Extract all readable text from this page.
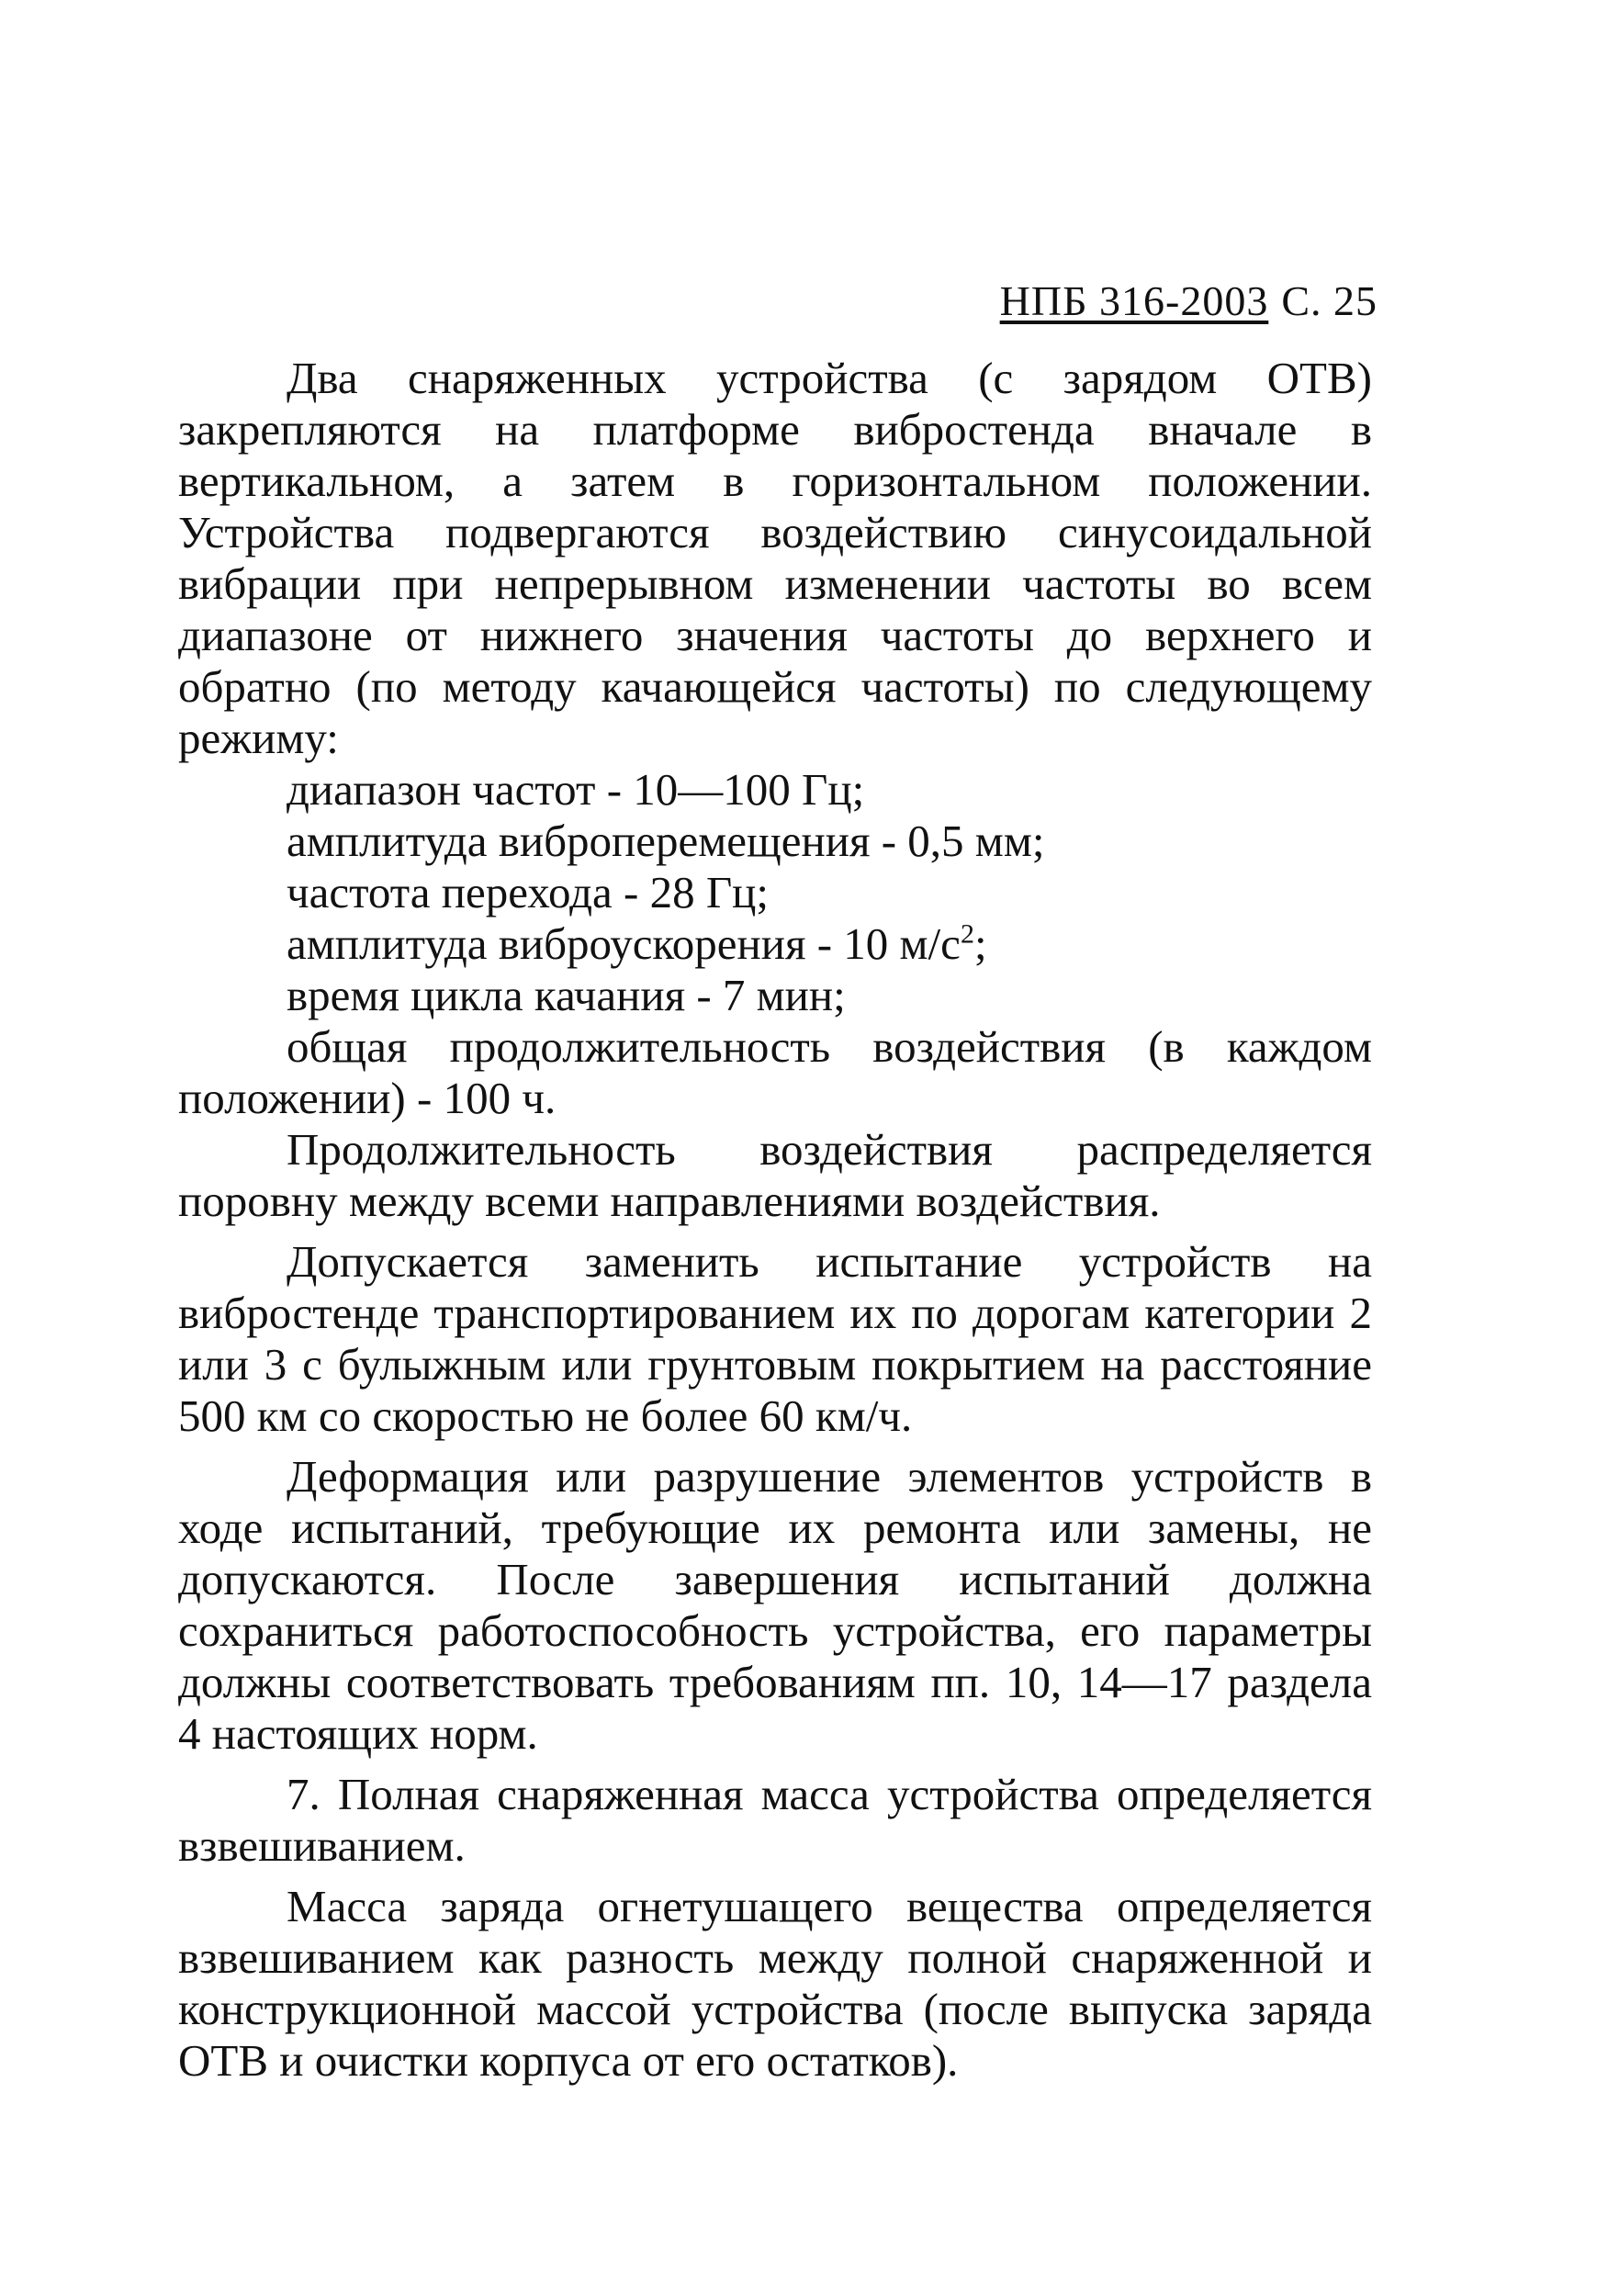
НПБ 316-2003 С. 25

Два снаряженных устройства (с зарядом ОТВ) закрепляются на платформе вибростенда вначале в вертикальном, а затем в горизонтальном положении. Устройства подвергаются воздействию синусоидальной вибрации при непрерывном изменении частоты во всем диапазоне от нижнего значения частоты до верхнего и обратно (по методу качающейся частоты) по следующему режиму:

диапазон частот - 10—100 Гц;

амплитуда виброперемещения - 0,5 мм;

частота перехода - 28 Гц;

амплитуда виброускорения - 10 $м/с^2$;

время цикла качания - 7 мин;

общая продолжительность воздействия (в каждом положении) - 100 ч.

Продолжительность воздействия распределяется поровну между всеми направлениями воздействия.

Допускается заменить испытание устройств на вибростенде транспортированием их по дорогам категории 2 или 3 с булыжным или грунтовым покрытием на расстояние 500 км со скоростью не более 60 км/ч.

Деформация или разрушение элементов устройств в ходе испытаний, требующие их ремонта или замены, не допускаются. После завершения испытаний должна сохраниться работоспособность устройства, его параметры должны соответствовать требованиям пп. 10, 14—17 раздела 4 настоящих норм.

7. Полная снаряженная масса устройства определяется взвешиванием.

Масса заряда огнетушащего вещества определяется взвешиванием как разность между полной снаряженной и конструкционной массой устройства (после выпуска заряда ОТВ и очистки корпуса от его остатков).
